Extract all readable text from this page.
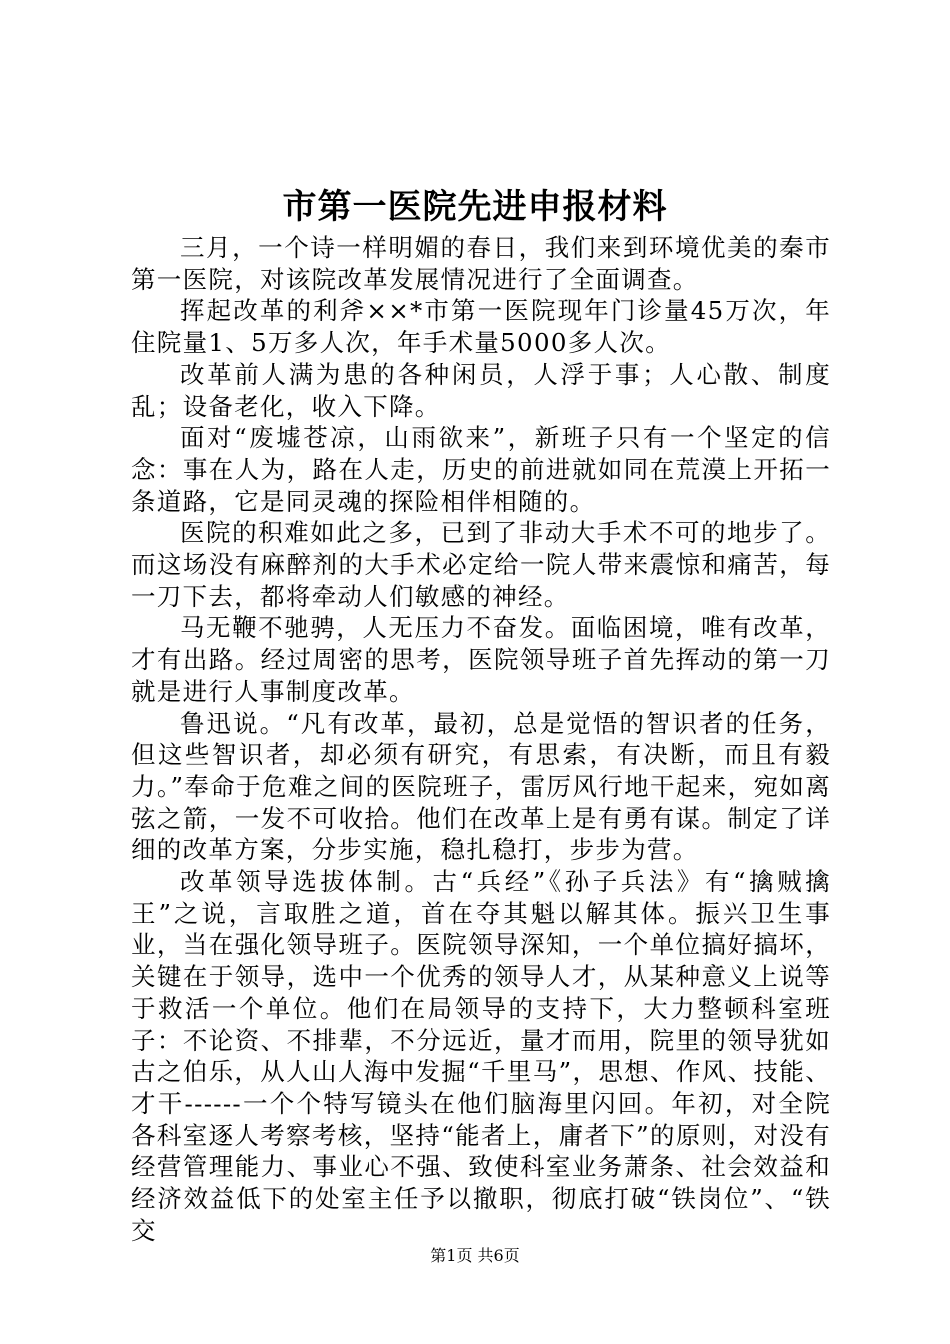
市第一医院先进申报材料

三月，一个诗一样明媚的春日，我们来到环境优美的秦市第一医院，对该院改革发展情况进行了全面调查。

挥起改革的利斧××*市第一医院现年门诊量45万次，年住院量1、5万多人次，年手术量5000多人次。

改革前人满为患的各种闲员，人浮于事；人心散、制度乱；设备老化，收入下降。

面对“废墟苍凉，山雨欲来”，新班子只有一个坚定的信念：事在人为，路在人走，历史的前进就如同在荒漠上开拓一条道路，它是同灵魂的探险相伴相随的。

医院的积难如此之多，已到了非动大手术不可的地步了。而这场没有麻醉剂的大手术必定给一院人带来震惊和痛苦，每一刀下去，都将牵动人们敏感的神经。

马无鞭不驰骋，人无压力不奋发。面临困境，唯有改革，才有出路。经过周密的思考，医院领导班子首先挥动的第一刀就是进行人事制度改革。

鲁迅说。“凡有改革，最初，总是觉悟的智识者的任务，但这些智识者，却必须有研究，有思索，有决断，而且有毅力。”奉命于危难之间的医院班子，雷厉风行地干起来，宛如离弦之箭，一发不可收拾。他们在改革上是有勇有谋。制定了详细的改革方案，分步实施，稳扎稳打，步步为营。

改革领导选拔体制。古“兵经”《孙子兵法》有“擒贼擒王”之说，言取胜之道，首在夺其魁以解其体。振兴卫生事业，当在强化领导班子。医院领导深知，一个单位搞好搞坏，关键在于领导，选中一个优秀的领导人才，从某种意义上说等于救活一个单位。他们在局领导的支持下，大力整顿科室班子：不论资、不排辈，不分远近，量才而用，院里的领导犹如古之伯乐，从人山人海中发掘“千里马”，思想、作风、技能、才干------一个个特写镜头在他们脑海里闪回。年初，对全院各科室逐人考察考核，坚持“能者上，庸者下”的原则，对没有经营管理能力、事业心不强、致使科室业务萧条、社会效益和经济效益低下的处室主任予以撤职，彻底打破“铁岗位”、“铁交

第1页 共6页
